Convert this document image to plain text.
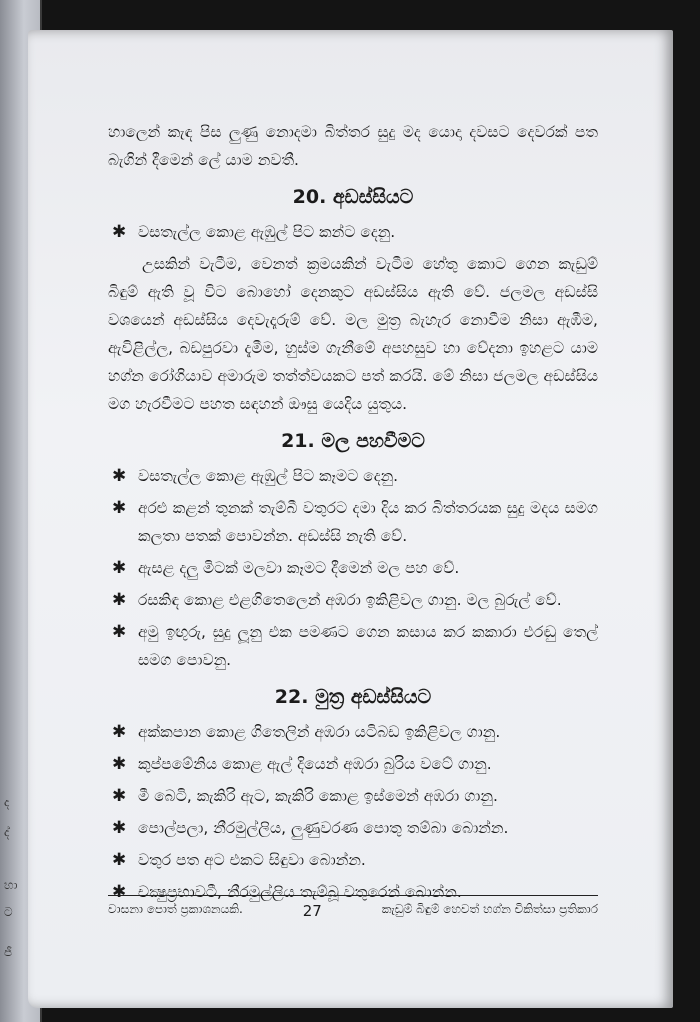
ද
ද්
හා
ට
ජී

හාලෙන් කැඳ පිස ලුණු නොදමා බිත්තර සුදු මද යොදා දවසට දෙවරක් පත බැගින් දීමෙන් ලේ යාම නවතී.

20. අඩස්සියට
✱ වසතැල්ල කොළ ඇඹුල් පිට කන්ට දෙනු.

උසකින් වැටීම, වෙනත් ක්‍රමයකින් වැටීම හේතු කොට ගෙන කැඩුම් බිඳුම් ඇති වූ විට බොහෝ දෙනකුට අඩස්සිය ඇති වේ. ජලමල අඩස්සි වශයෙන් අඩස්සිය දෙවැදෑරුම් වේ. මල මුත්‍ර බැහැර නොවීම නිසා ඇඹීම, ඇවිළිල්ල, බඩපුරවා දැමීම, හුස්ම ගැනීමේ අපහසුව හා වේදනා ඉහළට යාම හග්න රෝගියාව අමාරුම තත්ත්වයකට පත් කරයි. මේ නිසා ජලමල අඩස්සිය මග හැරවීමට පහත සඳහන් ඖසු යෙදිය යුතුය.

21. මල පහවීමට
✱ වසතැල්ල කොළ ඇඹුල් පිට කෑමට දෙනු.
✱ අරළු කළන් තුනක් තැම්බී වතුරට දමා දිය කර බිත්තරයක සුදු මදය සමග කලතා පතක් පොවන්න. අඩස්සි නැති වේ.
✱ ඇසළ දලු මිටක් මලවා කෑමට දීමෙන් මල පහ වේ.
✱ රසකිඳ කොළ එළගිතෙලෙන් අඹරා ඉකිළිවල ගානු. මල බුරුල් වේ.
✱ අමු ඉඟුරු, සුදු ලූනු එක පමණට ගෙන කසාය කර කකාරා එරඬු තෙල් සමග පොවනු.
22. මුත්‍ර අඩස්සියට
✱ අක්කපාන කොළ ගිතෙලින් අඹරා යටිබඩ ඉකිළිවල ගානු.
✱ කුප්පමේනිය කොළ ඇල් දියෙන් අඹරා බුරිය වටේ ගානු.
✱ මී බෙටි, කැකිරි ඇට, කැකිරි කොළ ඉස්මෙන් අඹරා ගානු.
✱ පොල්පලා, නීරමුල්ලිය, ලුණුවරණ පොතු තම්බා බොන්න.
✱ වතුර පත අට එකට සිඳුවා බොන්න.
✱ චක්‍ෂුප්‍රභාවටී, නීරමුල්ලිය තැම්බූ වතුරෙන් බොන්න.
වාසනා පොත් ප්‍රකාශනයකි.	27	කැඩුම් බිඳුම් හෙවත් හග්න චිකිත්සා ප්‍රතිකාර
